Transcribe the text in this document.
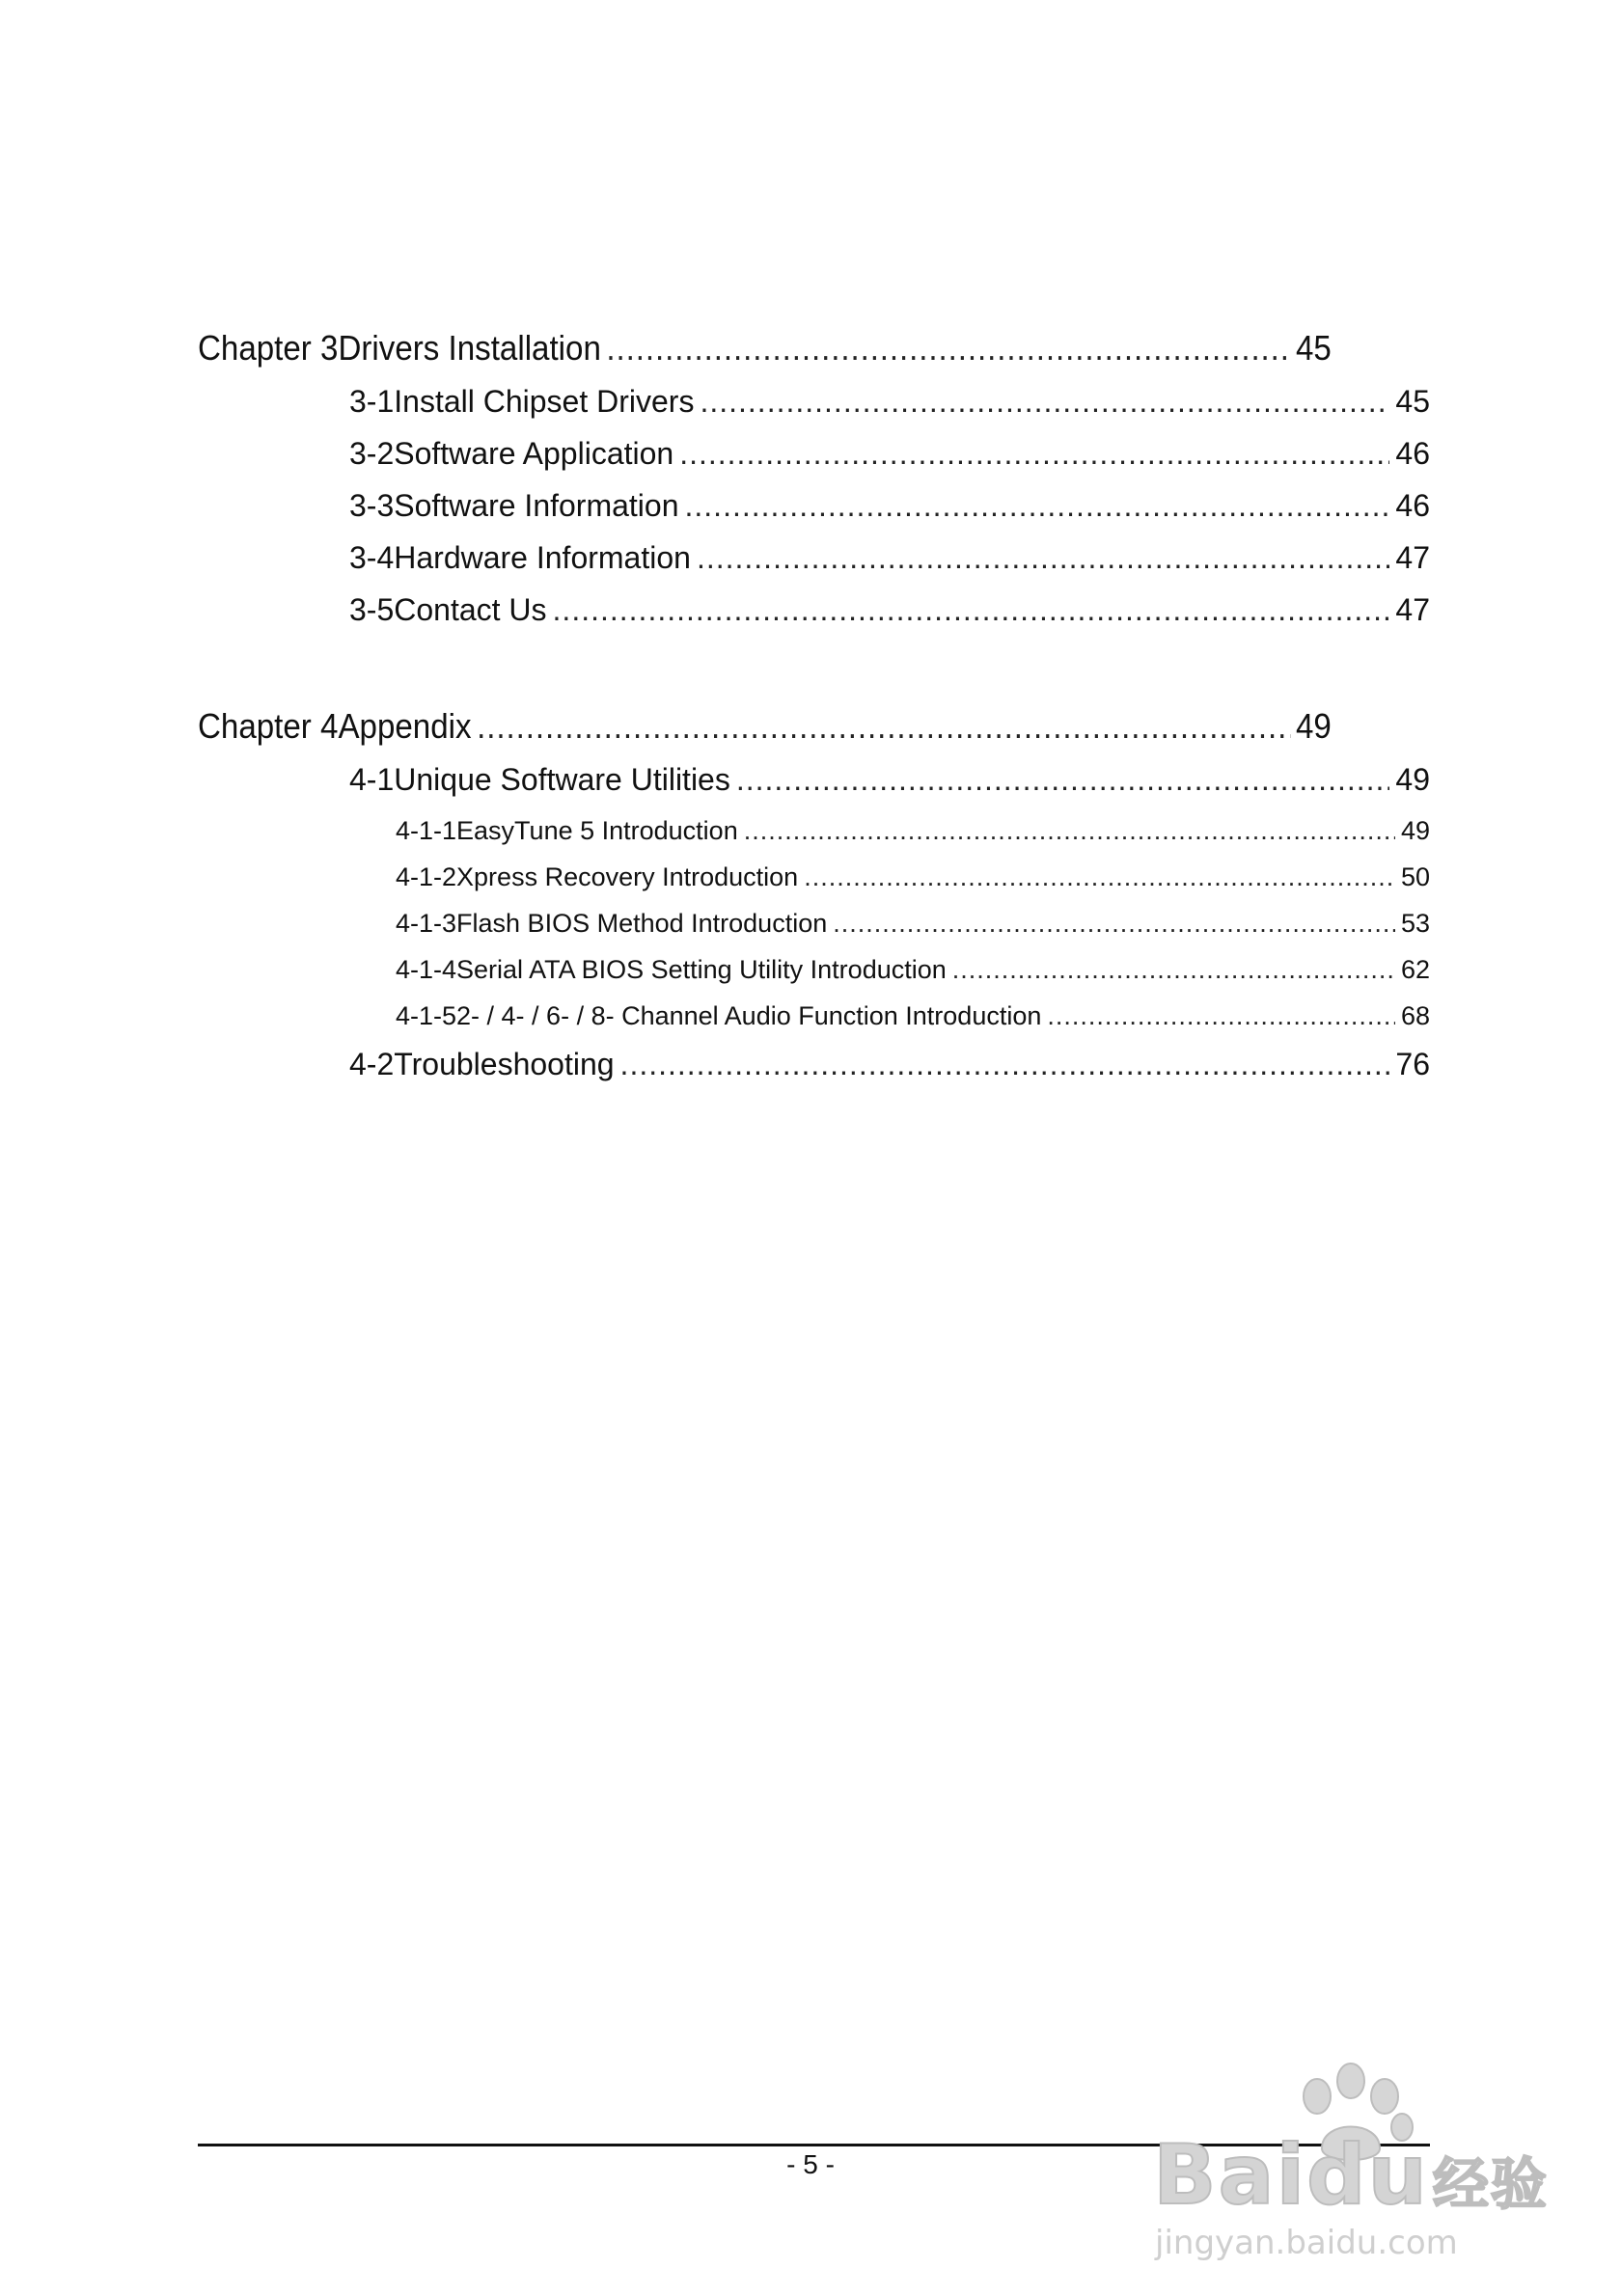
Chapter 3 Drivers Installation .....	45
3-1 Install Chipset Drivers .....	45
3-2 Software Application .....	46
3-3 Software Information .....	46
3-4 Hardware Information .....	47
3-5 Contact Us .....	47
Chapter 4 Appendix .....	49
4-1 Unique Software Utilities .....	49
4-1-1 EasyTune 5 Introduction .....	49
4-1-2 Xpress Recovery Introduction .....	50
4-1-3 Flash BIOS Method Introduction .....	53
4-1-4 Serial ATA BIOS Setting Utility Introduction .....	62
4-1-5 2- / 4- / 6- / 8- Channel Audio Function Introduction .....	68
4-2 Troubleshooting .....	76
- 5 -	Baidu经验
jingyan.baidu.com
